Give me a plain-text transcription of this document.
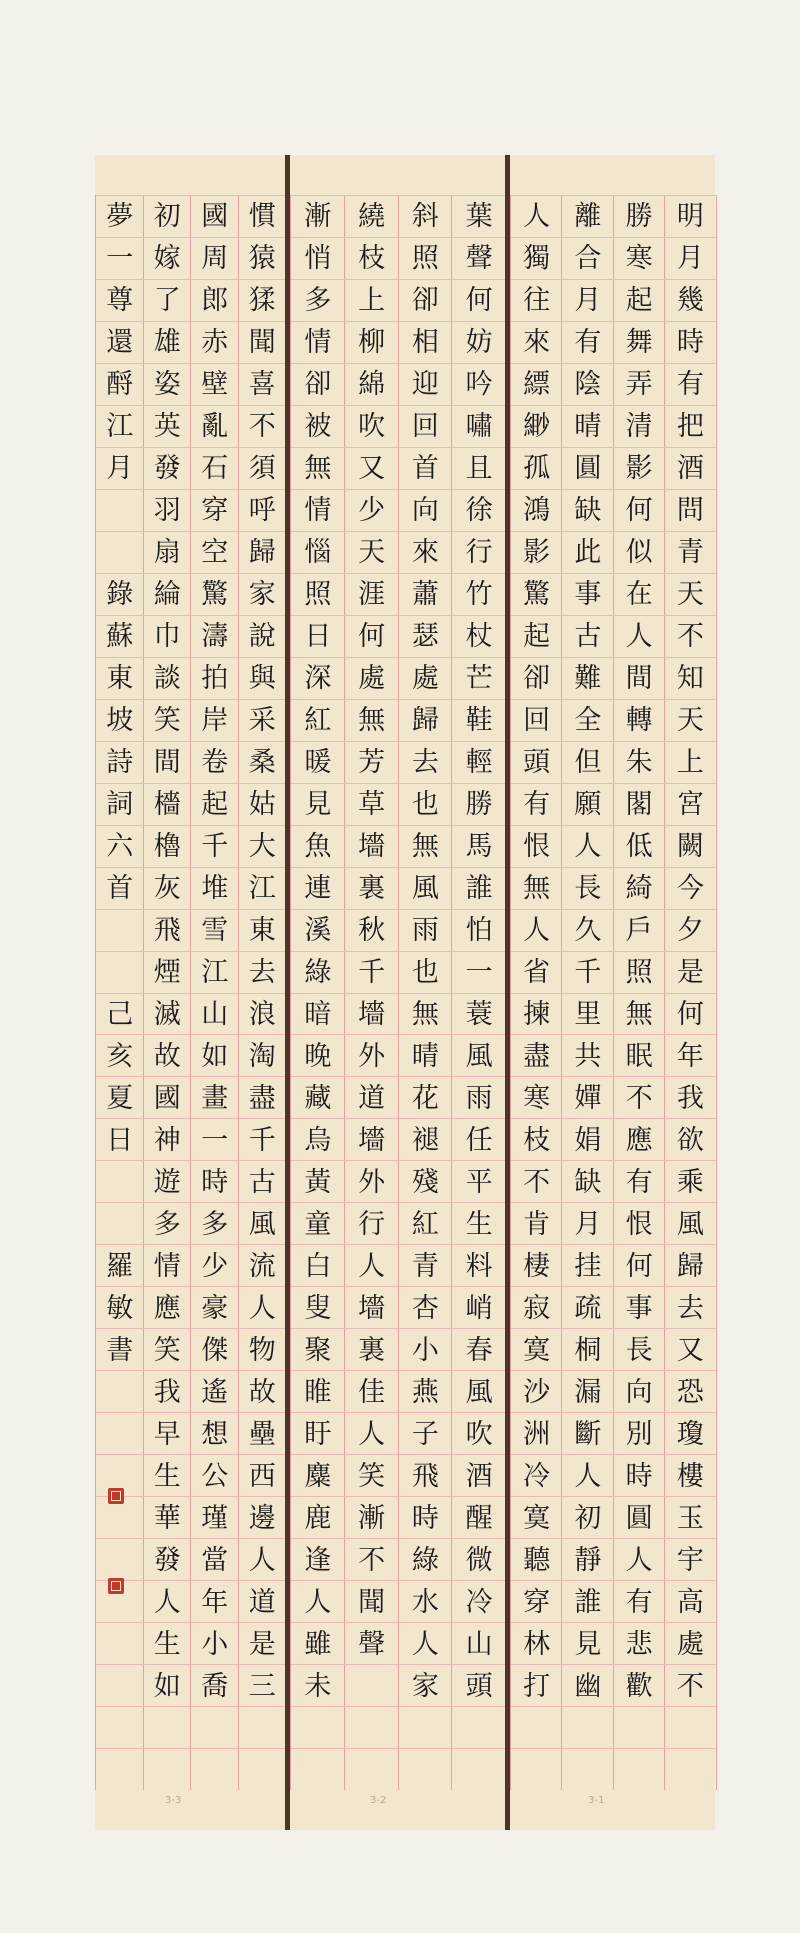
慣
猿
猱
聞
喜
不
須
呼
歸
家
說
與
采
桑
姑
大
江
東
去
浪
淘
盡
千
古
風
流
人
物
故
壘
西
邊
人
道
是
三
國
周
郎
赤
壁
亂
石
穿
空
驚
濤
拍
岸
卷
起
千
堆
雪
江
山
如
畫
一
時
多
少
豪
傑
遙
想
公
瑾
當
年
小
喬
初
嫁
了
雄
姿
英
發
羽
扇
綸
巾
談
笑
間
檣
櫓
灰
飛
煙
滅
故
國
神
遊
多
情
應
笑
我
早
生
華
發
人
生
如
夢
一
尊
還
酹
江
月
錄
蘇
東
坡
詩
詞
六
首
己
亥
夏
日
羅
敏
書
3-3
葉
聲
何
妨
吟
嘯
且
徐
行
竹
杖
芒
鞋
輕
勝
馬
誰
怕
一
蓑
風
雨
任
平
生
料
峭
春
風
吹
酒
醒
微
冷
山
頭
斜
照
卻
相
迎
回
首
向
來
蕭
瑟
處
歸
去
也
無
風
雨
也
無
晴
花
褪
殘
紅
青
杏
小
燕
子
飛
時
綠
水
人
家
繞
枝
上
柳
綿
吹
又
少
天
涯
何
處
無
芳
草
墻
裏
秋
千
墻
外
道
墻
外
行
人
墻
裏
佳
人
笑
漸
不
聞
聲
漸
悄
多
情
卻
被
無
情
惱
照
日
深
紅
暖
見
魚
連
溪
綠
暗
晚
藏
烏
黃
童
白
叟
聚
睢
盱
麋
鹿
逢
人
雖
未
3-2
明
月
幾
時
有
把
酒
問
青
天
不
知
天
上
宮
闕
今
夕
是
何
年
我
欲
乘
風
歸
去
又
恐
瓊
樓
玉
宇
高
處
不
勝
寒
起
舞
弄
清
影
何
似
在
人
間
轉
朱
閣
低
綺
戶
照
無
眠
不
應
有
恨
何
事
長
向
別
時
圓
人
有
悲
歡
離
合
月
有
陰
晴
圓
缺
此
事
古
難
全
但
願
人
長
久
千
里
共
嬋
娟
缺
月
挂
疏
桐
漏
斷
人
初
靜
誰
見
幽
人
獨
往
來
縹
緲
孤
鴻
影
驚
起
卻
回
頭
有
恨
無
人
省
揀
盡
寒
枝
不
肯
棲
寂
寞
沙
洲
冷
寞
聽
穿
林
打
3-1
